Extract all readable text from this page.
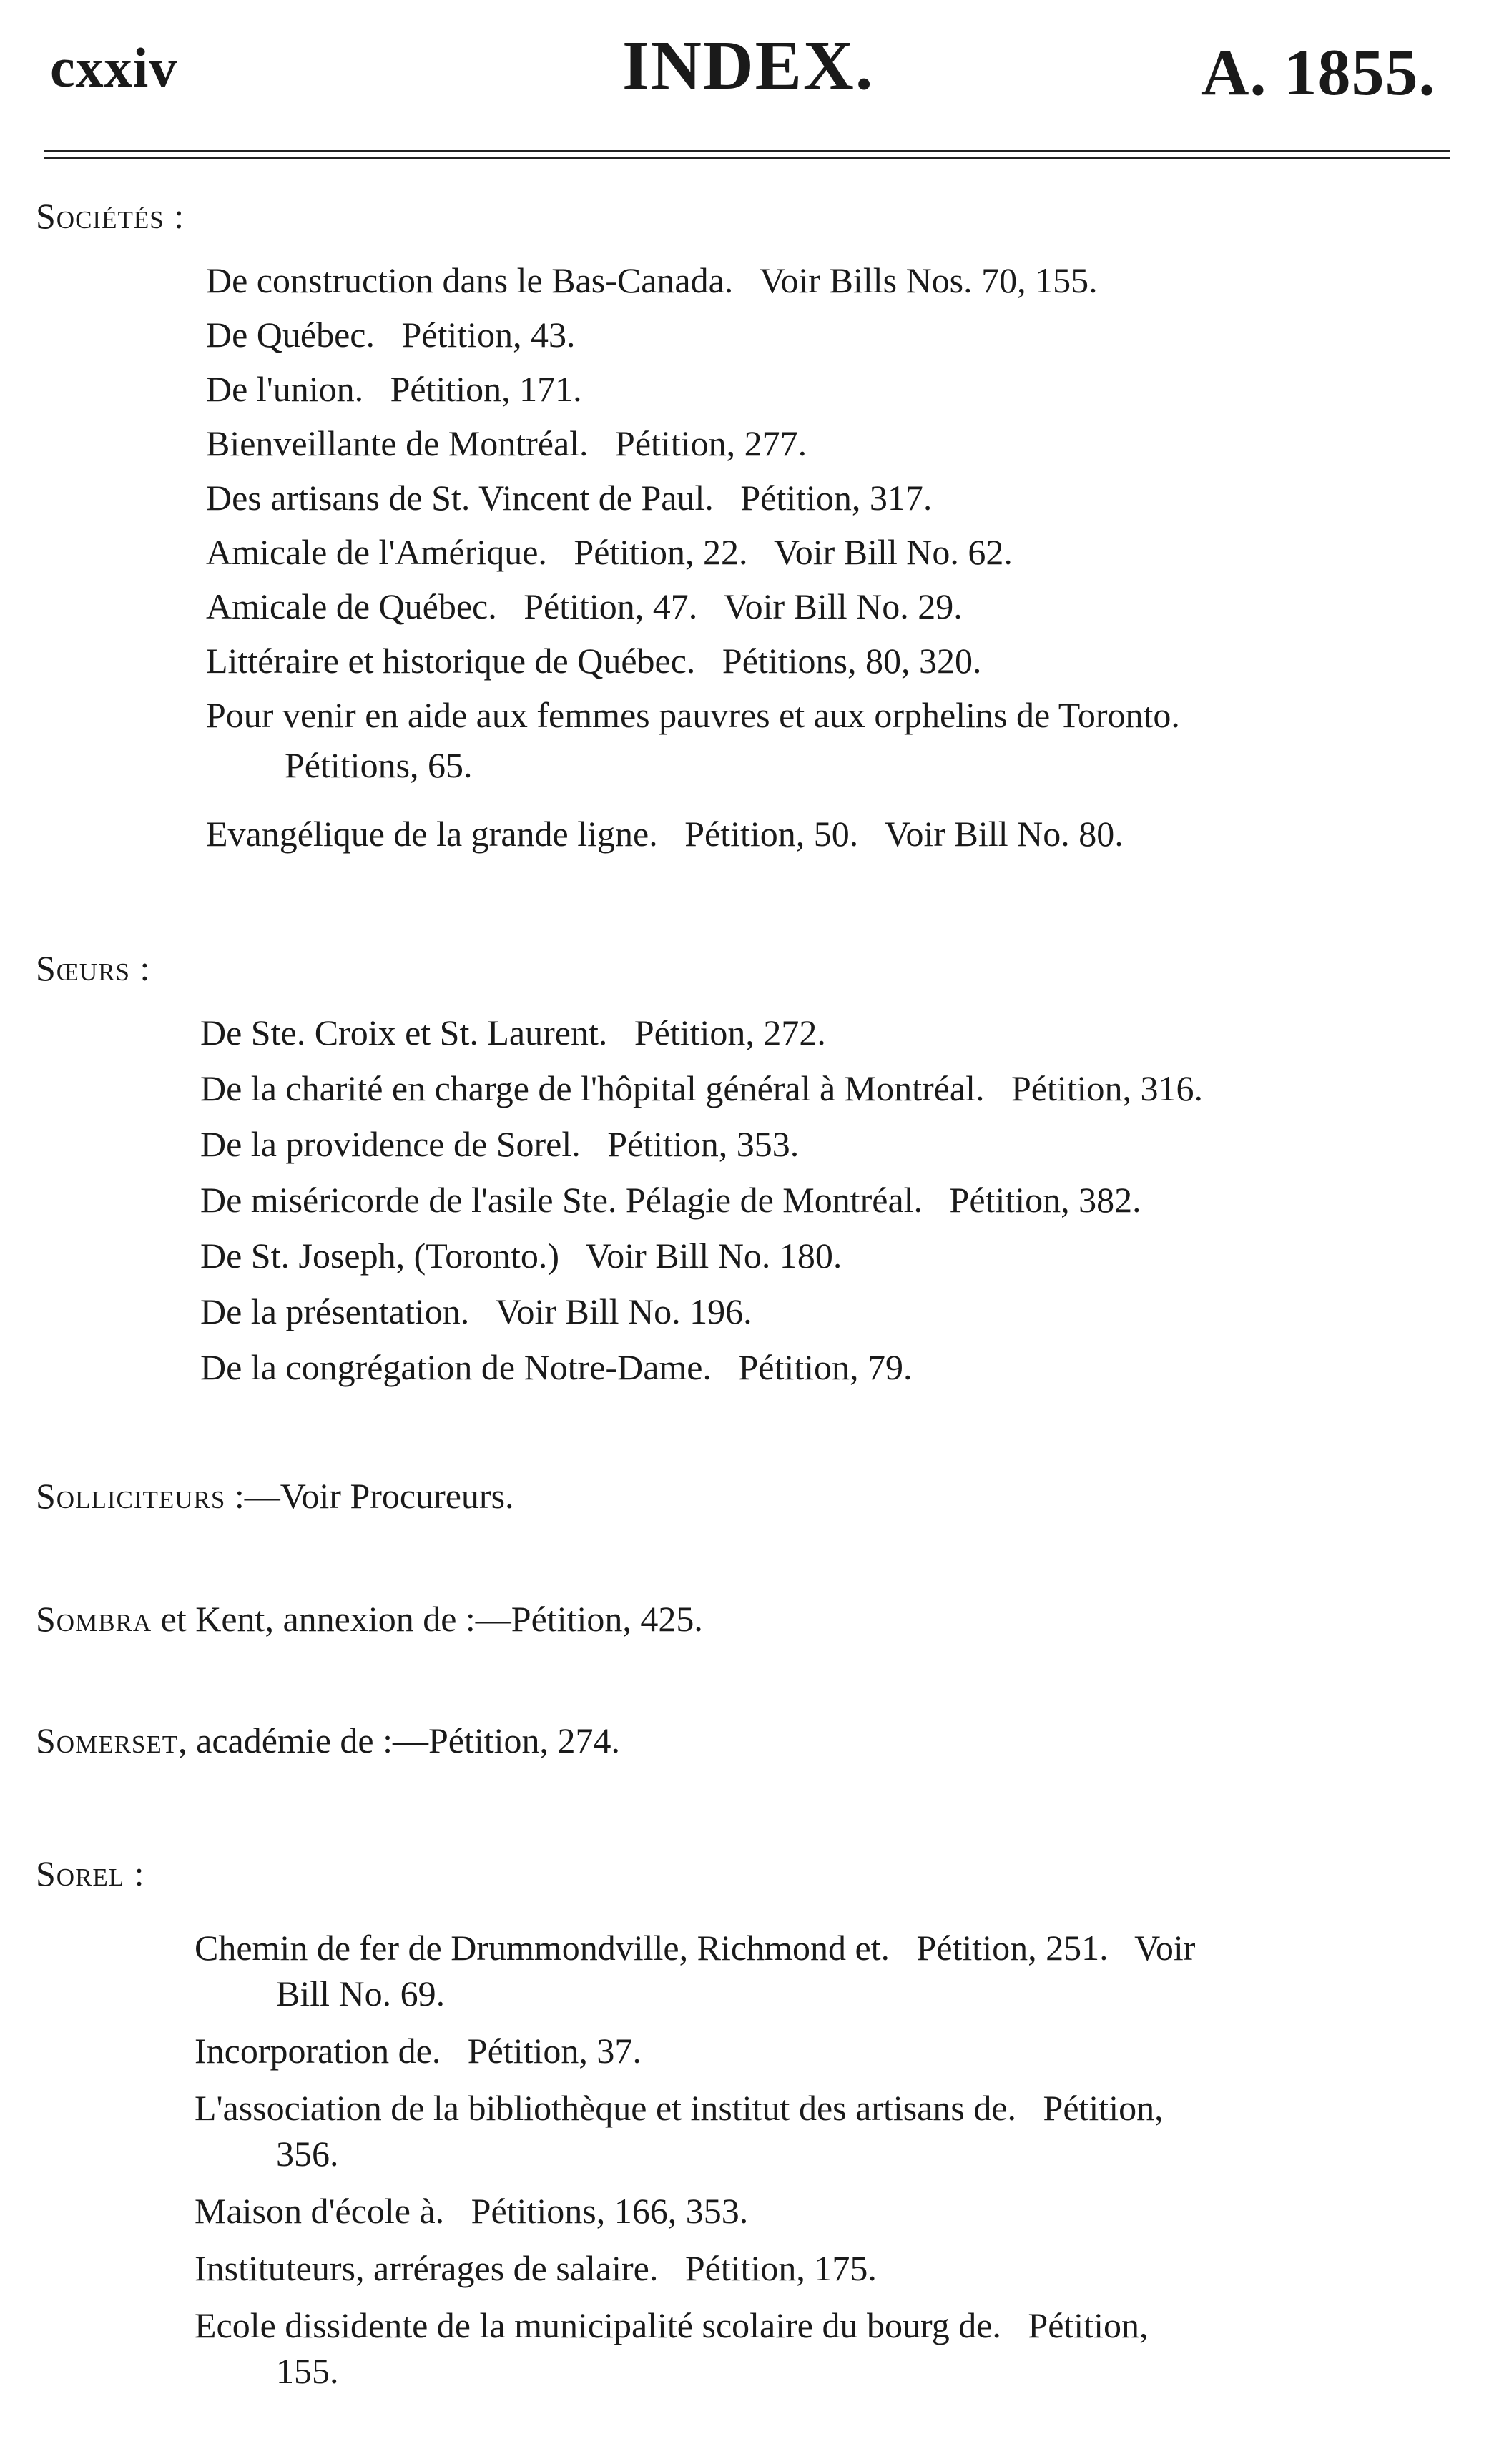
cxxiv	INDEX.	A. 1855.
Sociétés :
De construction dans le Bas-Canada.   Voir Bills Nos. 70, 155.
De Québec.   Pétition, 43.
De l'union.   Pétition, 171.
Bienveillante de Montréal.   Pétition, 277.
Des artisans de St. Vincent de Paul.   Pétition, 317.
Amicale de l'Amérique.   Pétition, 22.   Voir Bill No. 62.
Amicale de Québec.   Pétition, 47.   Voir Bill No. 29.
Littéraire et historique de Québec.   Pétitions, 80, 320.
Pour venir en aide aux femmes pauvres et aux orphelins de Toronto.
Pétitions, 65.
Evangélique de la grande ligne.   Pétition, 50.   Voir Bill No. 80.
Sœurs :
De Ste. Croix et St. Laurent.   Pétition, 272.
De la charité en charge de l'hôpital général à Montréal.   Pétition, 316.
De la providence de Sorel.   Pétition, 353.
De miséricorde de l'asile Ste. Pélagie de Montréal.   Pétition, 382.
De St. Joseph, (Toronto.)   Voir Bill No. 180.
De la présentation.   Voir Bill No. 196.
De la congrégation de Notre-Dame.   Pétition, 79.
Solliciteurs :—Voir Procureurs.
Sombra et Kent, annexion de :—Pétition, 425.
Somerset, académie de :—Pétition, 274.
Sorel :
Chemin de fer de Drummondville, Richmond et.   Pétition, 251.   Voir
Bill No. 69.
Incorporation de.   Pétition, 37.
L'association de la bibliothèque et institut des artisans de.   Pétition,
356.
Maison d'école à.   Pétitions, 166, 353.
Instituteurs, arrérages de salaire.   Pétition, 175.
Ecole dissidente de la municipalité scolaire du bourg de.   Pétition,
155.
